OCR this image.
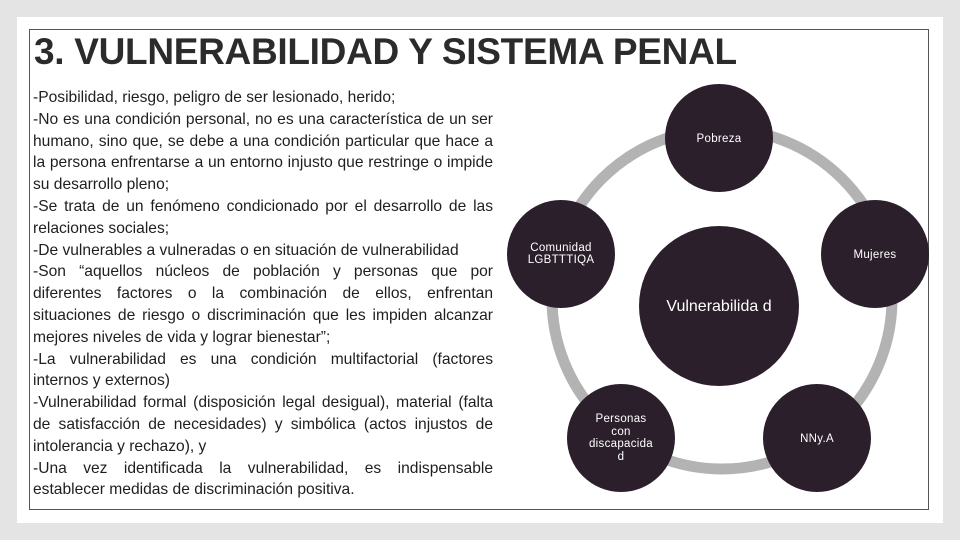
3. VULNERABILIDAD Y SISTEMA PENAL
-Posibilidad, riesgo, peligro de ser lesionado, herido;
-No es una condición personal, no es una característica de un ser humano, sino que, se debe a una condición particular que hace a la persona enfrentarse a un entorno injusto que restringe o impide su desarrollo pleno;
-Se trata de un fenómeno condicionado por el desarrollo de las relaciones sociales;
-De vulnerables a vulneradas o en situación de vulnerabilidad
-Son “aquellos núcleos de población y personas que por diferentes factores o la combinación de ellos, enfrentan situaciones de riesgo o discriminación que les impiden alcanzar mejores niveles de vida y lograr bienestar”;
-La vulnerabilidad es una condición multifactorial (factores internos y externos)
-Vulnerabilidad formal (disposición legal desigual), material (falta de satisfacción de necesidades) y simbólica (actos injustos de intolerancia y rechazo), y
-Una vez identificada la vulnerabilidad, es indispensable establecer medidas de discriminación positiva.
Vulnerabilida d
Pobreza
Mujeres
NNy.A
Personas con discapacida d
Comunidad LGBTTTIQA
